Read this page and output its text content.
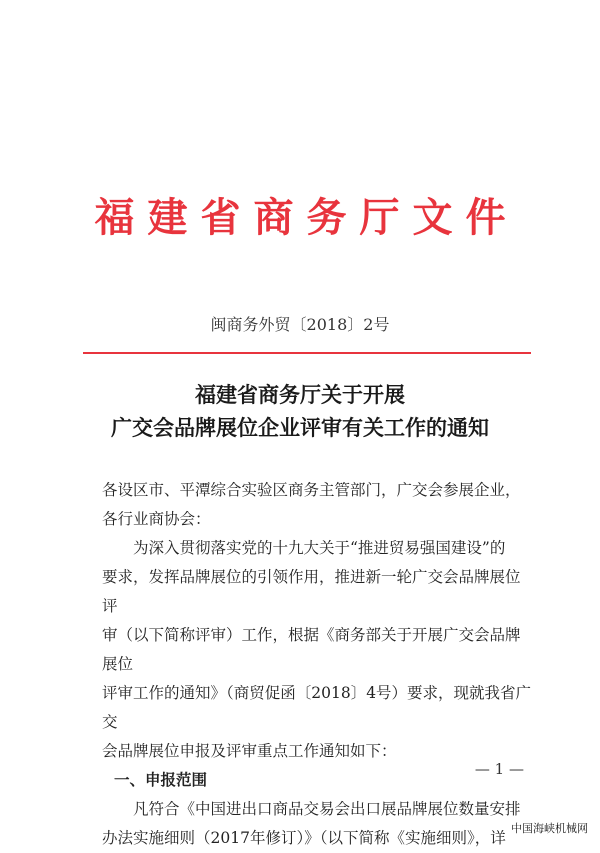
福建省商务厅文件
闽商务外贸〔2018〕2号
福建省商务厅关于开展
广交会品牌展位企业评审有关工作的通知

各设区市、平潭综合实验区商务主管部门，广交会参展企业，

各行业商协会：

为深入贯彻落实党的十九大关于“推进贸易强国建设”的

要求，发挥品牌展位的引领作用，推进新一轮广交会品牌展位评

审（以下简称评审）工作，根据《商务部关于开展广交会品牌展位

评审工作的通知》（商贸促函〔2018〕4号）要求，现就我省广交

会品牌展位申报及评审重点工作通知如下：

一、申报范围

凡符合《中国进出口商品交易会出口展品牌展位数量安排

办法实施细则（2017年修订）》（以下简称《实施细则》，详

— 1 —
中国海峡机械网
